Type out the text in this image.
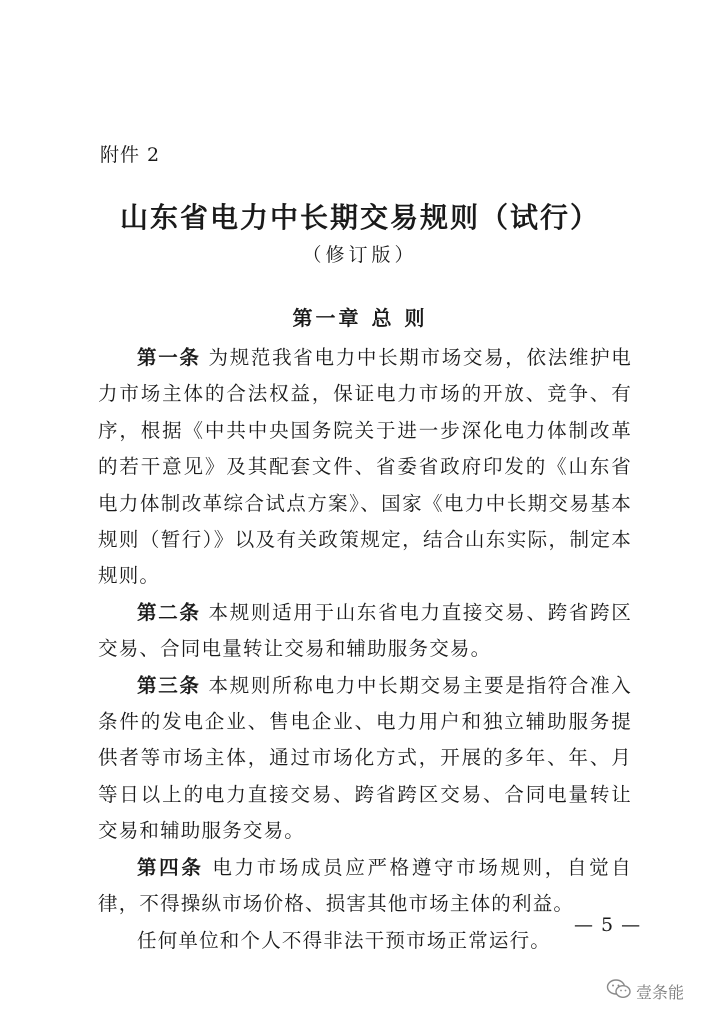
附件 2
山东省电力中长期交易规则（试行）
（修订版）
第一章 总 则

第一条 为规范我省电力中长期市场交易，依法维护电力市场主体的合法权益，保证电力市场的开放、竞争、有序，根据《中共中央国务院关于进一步深化电力体制改革的若干意见》及其配套文件、省委省政府印发的《山东省电力体制改革综合试点方案》、国家《电力中长期交易基本规则（暂行）》以及有关政策规定，结合山东实际，制定本规则。

第二条 本规则适用于山东省电力直接交易、跨省跨区交易、合同电量转让交易和辅助服务交易。

第三条 本规则所称电力中长期交易主要是指符合准入条件的发电企业、售电企业、电力用户和独立辅助服务提供者等市场主体，通过市场化方式，开展的多年、年、月等日以上的电力直接交易、跨省跨区交易、合同电量转让交易和辅助服务交易。

第四条 电力市场成员应严格遵守市场规则，自觉自律，不得操纵市场价格、损害其他市场主体的利益。

任何单位和个人不得非法干预市场正常运行。

— 5 —
壹条能
